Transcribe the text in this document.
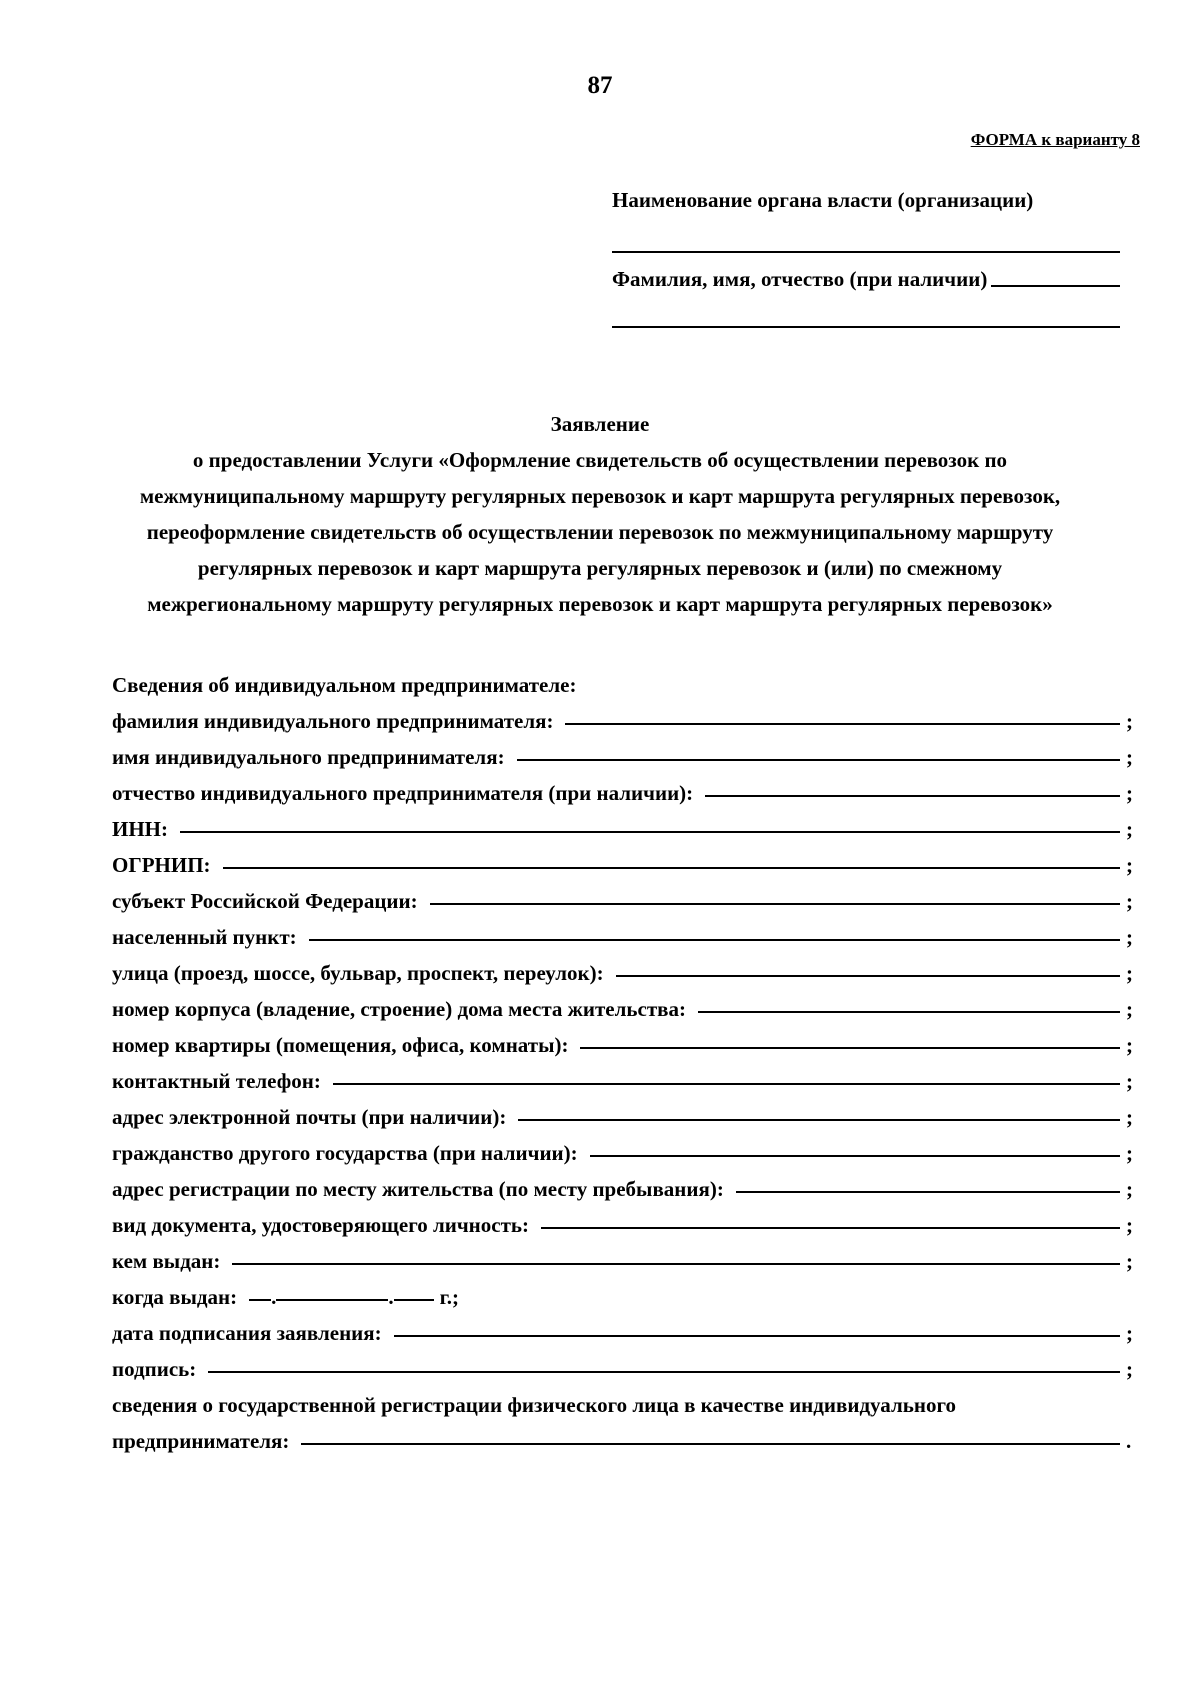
87
ФОРМА к варианту 8
Наименование органа власти (организации)
Фамилия, имя, отчество (при наличии)
Заявление
о предоставлении Услуги «Оформление свидетельств об осуществлении перевозок по
межмуниципальному маршруту регулярных перевозок и карт маршрута регулярных перевозок,
переоформление свидетельств об осуществлении перевозок по межмуниципальному маршруту
регулярных перевозок и карт маршрута регулярных перевозок и (или) по смежному
межрегиональному маршруту регулярных перевозок и карт маршрута регулярных перевозок»
Сведения об индивидуальном предпринимателе:
фамилия индивидуального предпринимателя:	;
имя индивидуального предпринимателя:	;
отчество индивидуального предпринимателя (при наличии):	;
ИНН:	;
ОГРНИП:	;
субъект Российской Федерации:	;
населенный пункт:	;
улица (проезд, шоссе, бульвар, проспект, переулок):	;
номер корпуса (владение, строение) дома места жительства:	;
номер квартиры (помещения, офиса, комнаты):	;
контактный телефон:	;
адрес электронной почты (при наличии):	;
гражданство другого государства (при наличии):	;
адрес регистрации по месту жительства (по месту пребывания):	;
вид документа, удостоверяющего личность:	;
кем выдан:	;
когда выдан: .	. г.;
дата подписания заявления:	;
подпись:	;
сведения о государственной регистрации физического лица в качестве индивидуального
предпринимателя:	.
